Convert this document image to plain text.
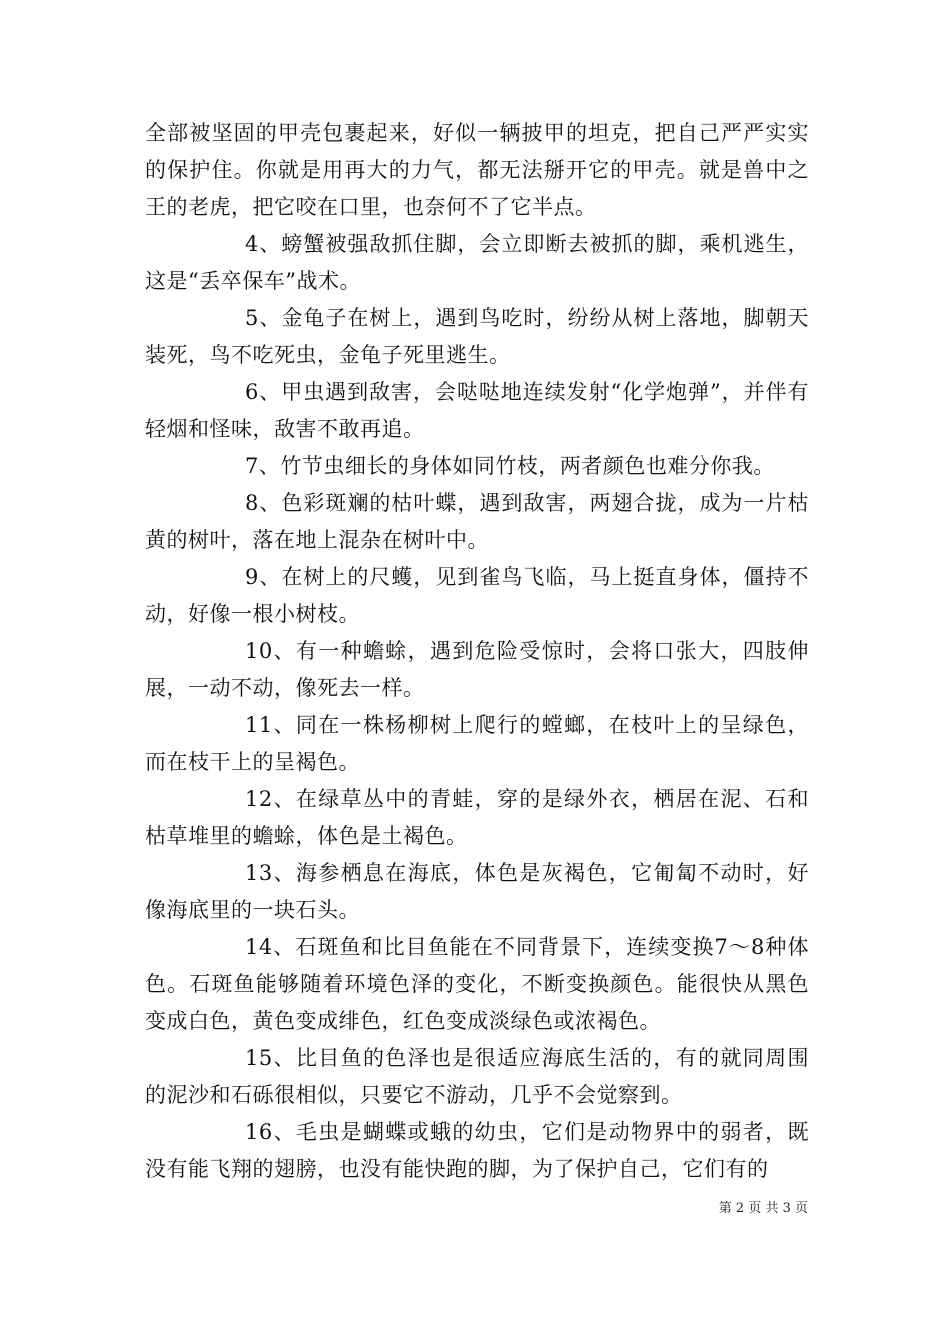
全部被坚固的甲壳包裹起来，好似一辆披甲的坦克，把自己严严实实的保护住。你就是用再大的力气，都无法掰开它的甲壳。就是兽中之王的老虎，把它咬在口里，也奈何不了它半点。

4、螃蟹被强敌抓住脚，会立即断去被抓的脚，乘机逃生，这是“丢卒保车”战术。

5、金龟子在树上，遇到鸟吃时，纷纷从树上落地，脚朝天装死，鸟不吃死虫，金龟子死里逃生。

6、甲虫遇到敌害，会哒哒地连续发射“化学炮弹”，并伴有轻烟和怪味，敌害不敢再追。

7、竹节虫细长的身体如同竹枝，两者颜色也难分你我。

8、色彩斑斓的枯叶蝶，遇到敌害，两翅合拢，成为一片枯黄的树叶，落在地上混杂在树叶中。

9、在树上的尺蠖，见到雀鸟飞临，马上挺直身体，僵持不动，好像一根小树枝。

10、有一种蟾蜍，遇到危险受惊时，会将口张大，四肢伸展，一动不动，像死去一样。

11、同在一株杨柳树上爬行的螳螂，在枝叶上的呈绿色，而在枝干上的呈褐色。

12、在绿草丛中的青蛙，穿的是绿外衣，栖居在泥、石和枯草堆里的蟾蜍，体色是土褐色。

13、海参栖息在海底，体色是灰褐色，它匍匐不动时，好像海底里的一块石头。

14、石斑鱼和比目鱼能在不同背景下，连续变换7～8种体色。石斑鱼能够随着环境色泽的变化，不断变换颜色。能很快从黑色变成白色，黄色变成绯色，红色变成淡绿色或浓褐色。

15、比目鱼的色泽也是很适应海底生活的，有的就同周围的泥沙和石砾很相似，只要它不游动，几乎不会觉察到。

16、毛虫是蝴蝶或蛾的幼虫，它们是动物界中的弱者，既没有能飞翔的翅膀，也没有能快跑的脚，为了保护自己，它们有的

第 2 页 共 3 页
